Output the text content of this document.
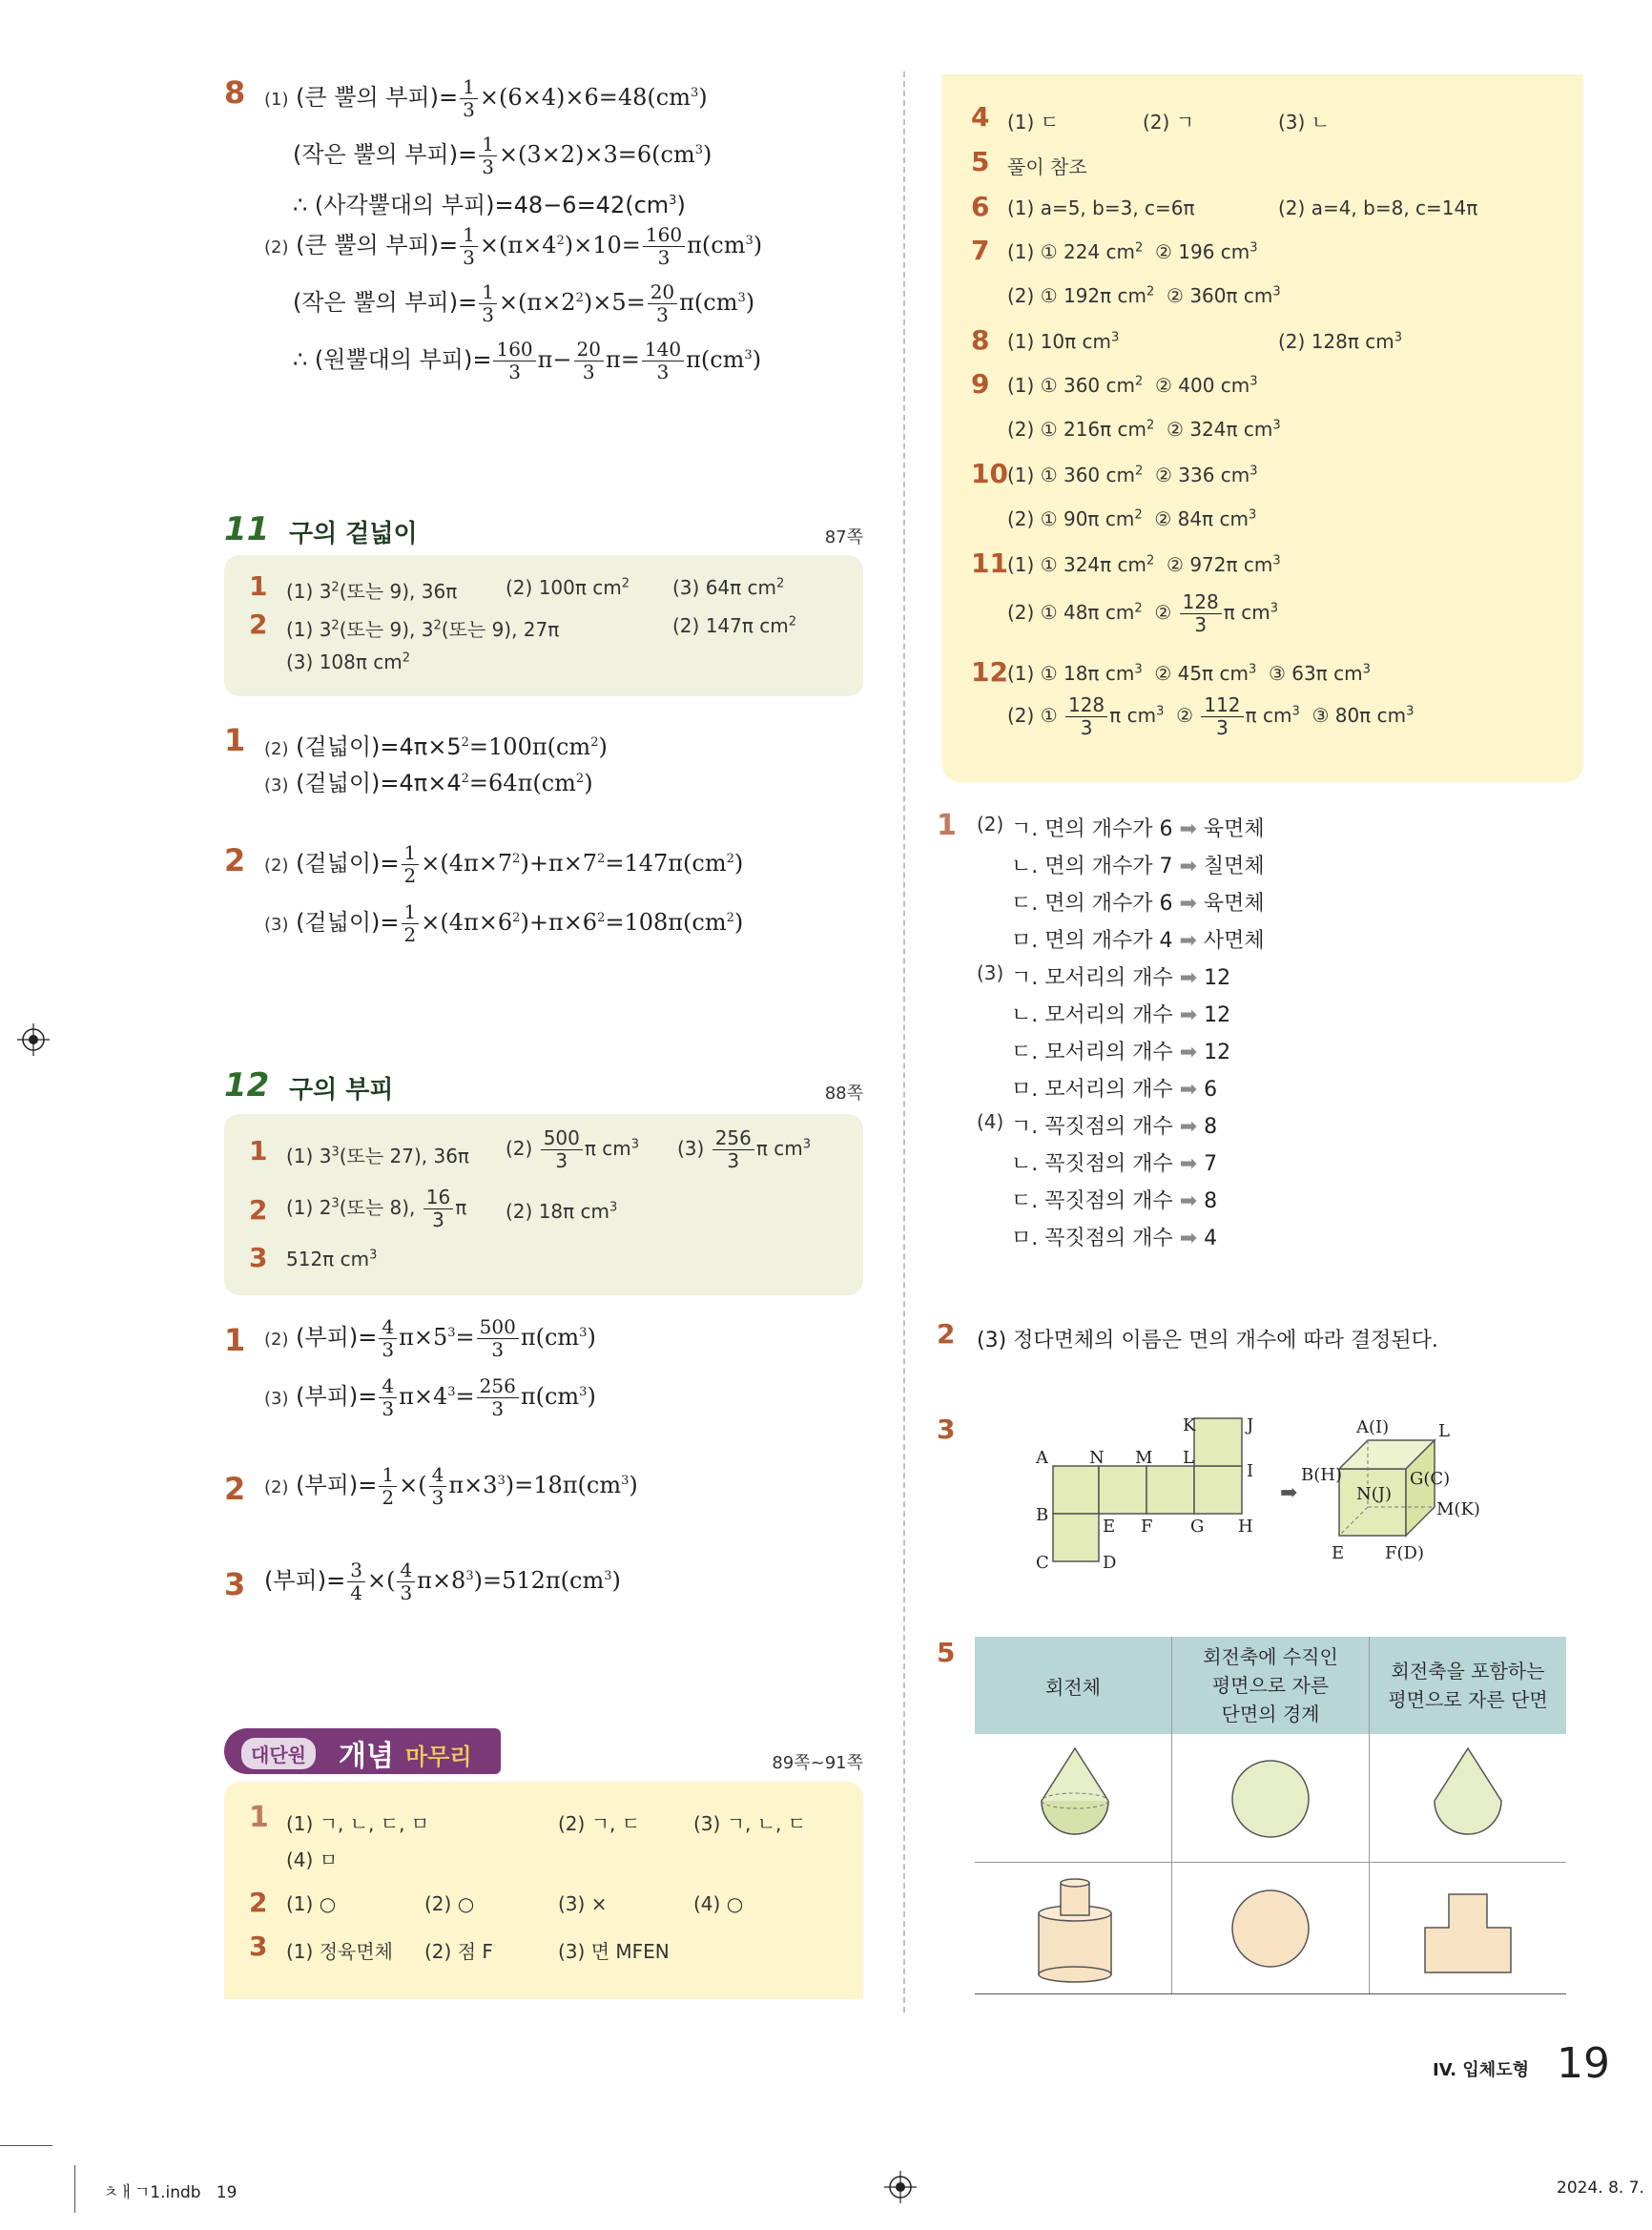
8 (1) (큰 뿔의 부피)= $\frac{1}{3} \times(6\times 4)\times 6=48(cm^3)$
(작은 뿔의 부피)= $\frac{1}{3} \times(3\times 2)\times 3=6(cm^3)$
∴ (사각뿔대의 부피)$=48-6=42(cm^3)$
(2) (큰 뿔의 부피)= $\frac{1}{3} \times(\pi\times 4^2)\times 10= \frac{160}{3} \pi(cm^3)$
(작은 뿔의 부피)= $\frac{1}{3} \times(\pi\times 2^2)\times 5= \frac{20}{3} \pi(cm^3)$
∴ (원뿔대의 부피)= $\frac{160}{3} \pi- \frac{20}{3} \pi= \frac{140}{3} \pi(cm^3)$
11 구의 겉넓이	87쪽
1 (1) $3^2$(또는 9), 36π	(2) 100π $cm^2$ (3) 64π $cm^2$
2 (1) $3^2$(또는 9), $3^2$(또는 9), 27π	(2) 147π $cm^2$
(3) 108π $cm^2$
1 (2) (겉넓이)$=4\pi\times 5^2=100\pi(cm^2)$
(3) (겉넓이)$=4\pi\times 4^2=64\pi(cm^2)$
2 (2) (겉넓이)= $\frac{1}{2} \times(4\pi\times 7^2)+\pi\times 7^2=147\pi(cm^2)$
(3) (겉넓이)= $\frac{1}{2} \times(4\pi\times 6^2)+\pi\times 6^2=108\pi(cm^2)$
12 구의 부피	88쪽
1 (1) $3^3$(또는 27), 36π $(2) \frac{500}{3}$ π $cm^3$ $(3) \frac{256}{3}$ π $cm^3$
2 (1) $2^3$(또는 8), $\frac{16}{3}$ π (2) 18π $cm^3$
3 512π $cm^3$
1 (2) (부피)= $\frac{4}{3} \pi\times 5^3= \frac{500}{3} \pi(cm^3)$
(3) (부피)= $\frac{4}{3} \pi\times 4^3= \frac{256}{3} \pi(cm^3)$
2 (2) (부피)= $\frac{1}{2}$ ×( $\frac{4}{3} \pi\times 3^3)=18\pi(cm^3)$
3 (부피)= $\frac{3}{4}$ ×( $\frac{4}{3} \pi\times 8^3)=512\pi(cm^3)$
대단원	개념 마무리	89쪽~91쪽
1 (1) ㄱ, ㄴ, ㄷ, ㅁ	(2) ㄱ, ㄷ	(3) ㄱ, ㄴ, ㄷ
(4) ㅁ
2 (1) ○	(2) ○	(3) ×	(4) ○
3 (1) 정육면체 (2) 점 F	(3) 면 MFEN
4 (1) ㄷ	(2) ㄱ	(3) ㄴ
5 풀이 참조
6 (1) a=5, b=3, c=6π	(2) a=4, b=8, c=14π
7 (1) ① 224 $cm^2$ ② 196 $cm^3$
(2) ① 192π $cm^2$ ② 360π $cm^3$
8 (1) 10π $cm^3$	(2) 128π $cm^3$
9 (1) ① 360 $cm^2$ ② 400 $cm^3$
(2) ① 216π $cm^2$ ② 324π $cm^3$
10 (1) ① 360 $cm^2$ ② 336 $cm^3$
(2) ① 90π $cm^2$ ② 84π $cm^3$
11 (1) ① 324π $cm^2$ ② 972π $cm^3$
(2) ① 48π $cm^2$ ② $\frac{128}{3}$ π $cm^3$
12 (1) ① 18π $cm^3$ ② 45π $cm^3$ ③ 63π $cm^3$
(2) ① $\frac{128}{3}$ π $cm^3$ ② $\frac{112}{3}$ π $cm^3$ ③ 80π $cm^3$
1 (2) ㄱ. 면의 개수가 6 ➡ 육면체
ㄴ. 면의 개수가 7 ➡ 칠면체
ㄷ. 면의 개수가 6 ➡ 육면체
ㅁ. 면의 개수가 4 ➡ 사면체
(3) ㄱ. 모서리의 개수 ➡ 12
ㄴ. 모서리의 개수 ➡ 12
ㄷ. 모서리의 개수 ➡ 12
ㅁ. 모서리의 개수 ➡ 6
(4) ㄱ. 꼭짓점의 개수 ➡ 8
ㄴ. 꼭짓점의 개수 ➡ 7
ㄷ. 꼭짓점의 개수 ➡ 8
ㅁ. 꼭짓점의 개수 ➡ 4
2 (3) 정다면체의 이름은 면의 개수에 따라 결정된다.
3	K	J
A N M L
I
B
E F G H
C	D
➡
A(I)	L
B(H)	G(C)
N(J)
M(K)
E F(D)
5
회전체
회전축에 수직인
평면으로 자른
단면의 경계
회전축을 포함하는
평면으로 자른 단면
IV. 입체도형 19
ㅊㅐㄱ1.indb   19	2024. 8. 7.
